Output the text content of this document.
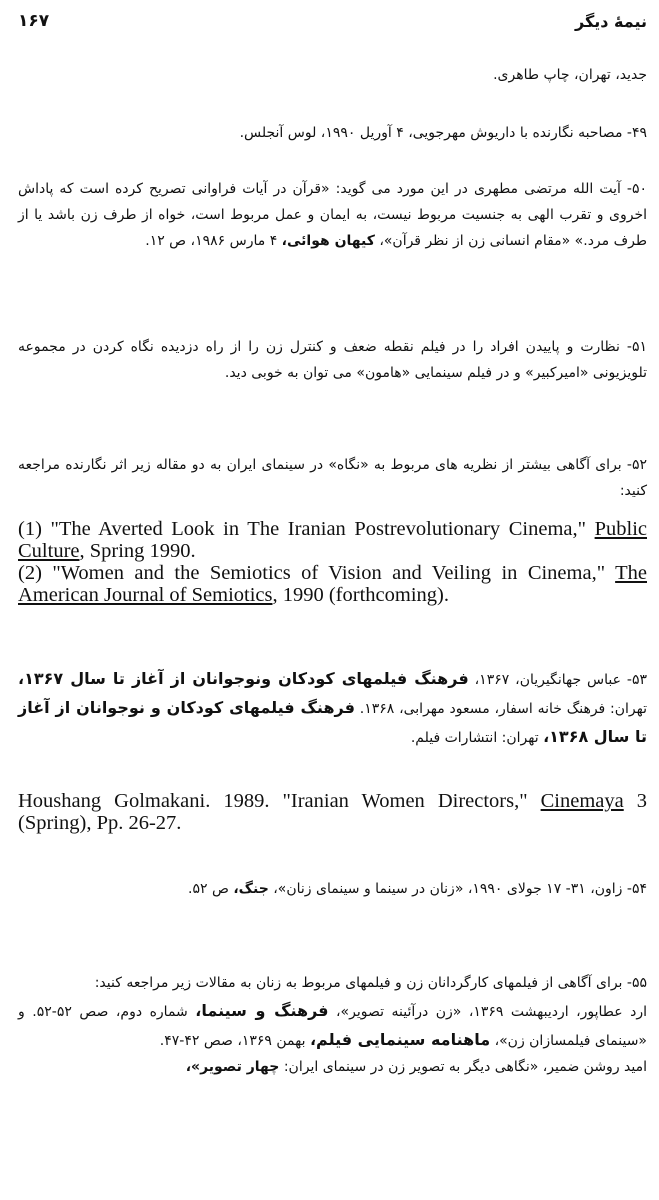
۱۶۷	نیمهٔ دیگر

جدید، تهران، چاپ طاهری.

۴۹- مصاحبه نگارنده با داریوش مهرجویی، ۴ آوریل ۱۹۹۰، لوس آنجلس.

۵۰- آیت الله مرتضی مطهری در این مورد می گوید: «قرآن در آیات فراوانی تصریح کرده است که پاداش اخروی و تقرب الهی به جنسیت مربوط نیست، به ایمان و عمل مربوط است، خواه از طرف زن باشد یا از طرف مرد.» «مقام انسانی زن از نظر قرآن»، کیهان هوائی، ۴ مارس ۱۹۸۶، ص ۱۲.

۵۱- نظارت و پاییدن افراد را در فیلم نقطه ضعف و کنترل زن را از راه دزدیده نگاه کردن در مجموعه تلویزیونی «امیرکبیر» و در فیلم سینمایی «هامون» می توان به خوبی دید.

۵۲- برای آگاهی بیشتر از نظریه های مربوط به «نگاه» در سینمای ایران به دو مقاله زیر اثر نگارنده مراجعه کنید:

(1) "The Averted Look in The Iranian Postrevolutionary Cinema," Public Culture, Spring 1990.

(2) "Women and the Semiotics of Vision and Veiling in Cinema," The American Journal of Semiotics, 1990 (forthcoming).

۵۳- عباس جهانگیریان، ۱۳۶۷، فرهنگ فیلمهای کودکان ونوجوانان از آغاز تا سال ۱۳۶۷، تهران: فرهنگ خانه اسفار، مسعود مهرابی، ۱۳۶۸. فرهنگ فیلمهای کودکان و نوجوانان از آغاز تا سال ۱۳۶۸، تهران: انتشارات فیلم.

Houshang Golmakani. 1989. "Iranian Women Directors," Cinemaya 3 (Spring), Pp. 26-27.

۵۴- زاون، ۳۱- ۱۷ جولای ۱۹۹۰، «زنان در سینما و سینمای زنان»، جنگ، ص ۵۲.

۵۵- برای آگاهی از فیلمهای کارگردانان زن و فیلمهای مربوط به زنان به مقالات زیر مراجعه کنید:

ارد عطاپور، اردیبهشت ۱۳۶۹، «زن درآئینه تصویر»، فرهنگ و سینما، شماره دوم، صص ۵۲-۵۲. و «سینمای فیلمسازان زن»، ماهنامه سینمایی فیلم، بهمن ۱۳۶۹، صص ۴۲-۴۷.

امید روشن ضمیر، «نگاهی دیگر به تصویر زن در سینمای ایران: چهار تصویر»،
